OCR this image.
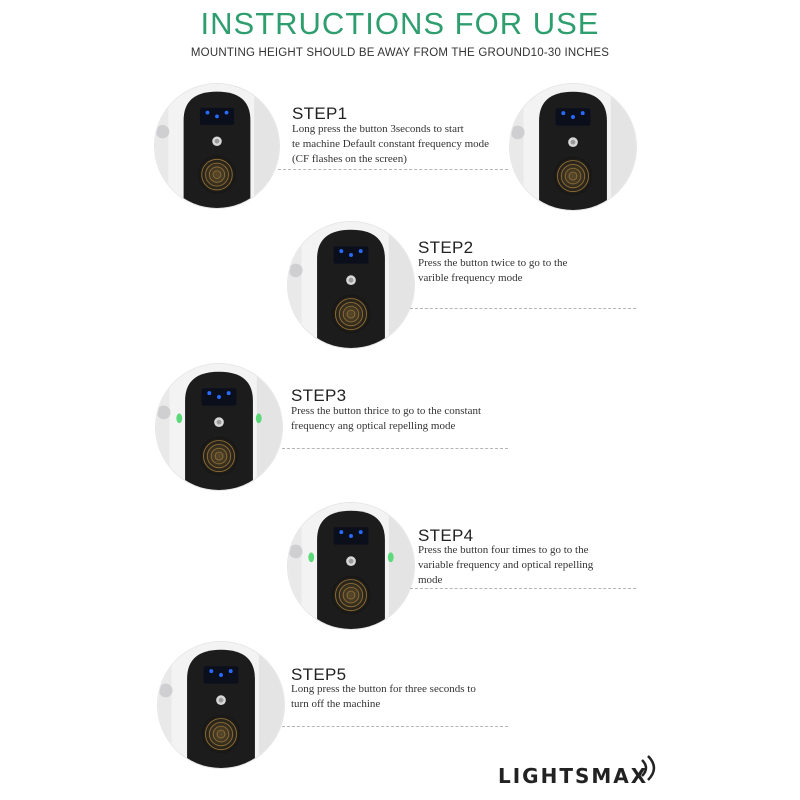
INSTRUCTIONS FOR USE
MOUNTING HEIGHT SHOULD BE AWAY FROM THE GROUND10-30 INCHES
STEP1
Long press the button 3seconds to start
te machine Default constant frequency mode
(CF flashes on the screen)
STEP2
Press the button twice to go to the
varible frequency mode
STEP3
Press the button thrice to go to the constant
frequency ang optical repelling mode
STEP4
Press the button four times to go to the
variable frequency and optical repelling
mode
STEP5
Long press the button for three seconds to
turn off the machine
LIGHTSMAX
